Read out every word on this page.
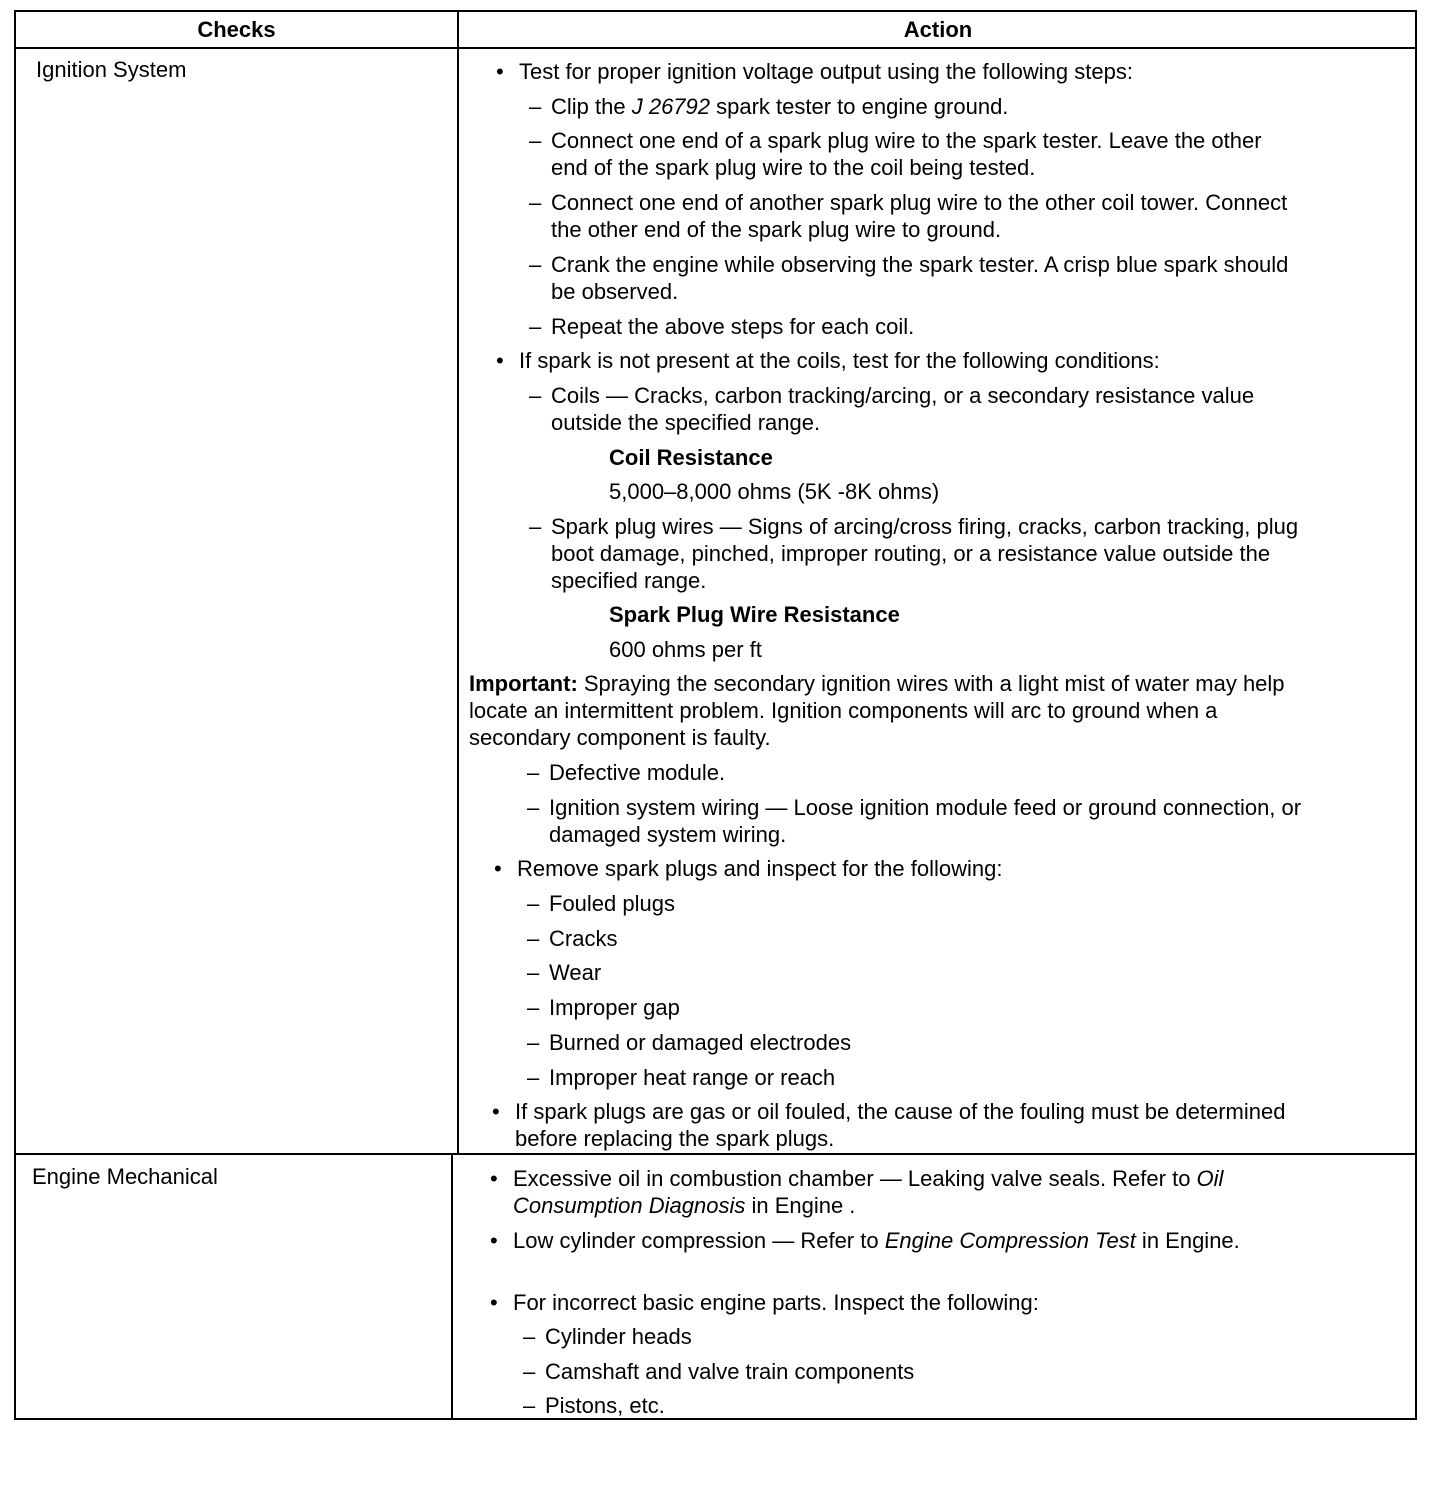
Checks	Action
Ignition System

	•

Test for proper ignition voltage output using the following steps:

–

Clip the J 26792 spark tester to engine ground.

–

Connect one end of a spark plug wire to the spark tester. Leave the other

end of the spark plug wire to the coil being tested.

–

Connect one end of another spark plug wire to the other coil tower. Connect

the other end of the spark plug wire to ground.

–

Crank the engine while observing the spark tester. A crisp blue spark should

be observed.

–

Repeat the above steps for each coil.

•

If spark is not present at the coils, test for the following conditions:

–

Coils — Cracks, carbon tracking/arcing, or a secondary resistance value

outside the specified range.

Coil Resistance
5,000–8,000 ohms (5K -8K ohms)

–

Spark plug wires — Signs of arcing/cross firing, cracks, carbon tracking, plug

boot damage, pinched, improper routing, or a resistance value outside the

specified range.

Spark Plug Wire Resistance
600 ohms per ft
Important: Spraying the secondary ignition wires with a light mist of water may help
locate an intermittent problem. Ignition components will arc to ground when a
secondary component is faulty.

–

Defective module.

–

Ignition system wiring — Loose ignition module feed or ground connection, or

damaged system wiring.

•

Remove spark plugs and inspect for the following:

–

Fouled plugs

–

Cracks

–

Wear

–

Improper gap

–

Burned or damaged electrodes

–

Improper heat range or reach

•

If spark plugs are gas or oil fouled, the cause of the fouling must be determined

before replacing the spark plugs.

Engine Mechanical

	•

Excessive oil in combustion chamber — Leaking valve seals. Refer to Oil

Consumption Diagnosis in Engine .

•

Low cylinder compression — Refer to Engine Compression Test in Engine.

•

For incorrect basic engine parts. Inspect the following:

–

Cylinder heads

–

Camshaft and valve train components

–

Pistons, etc.
